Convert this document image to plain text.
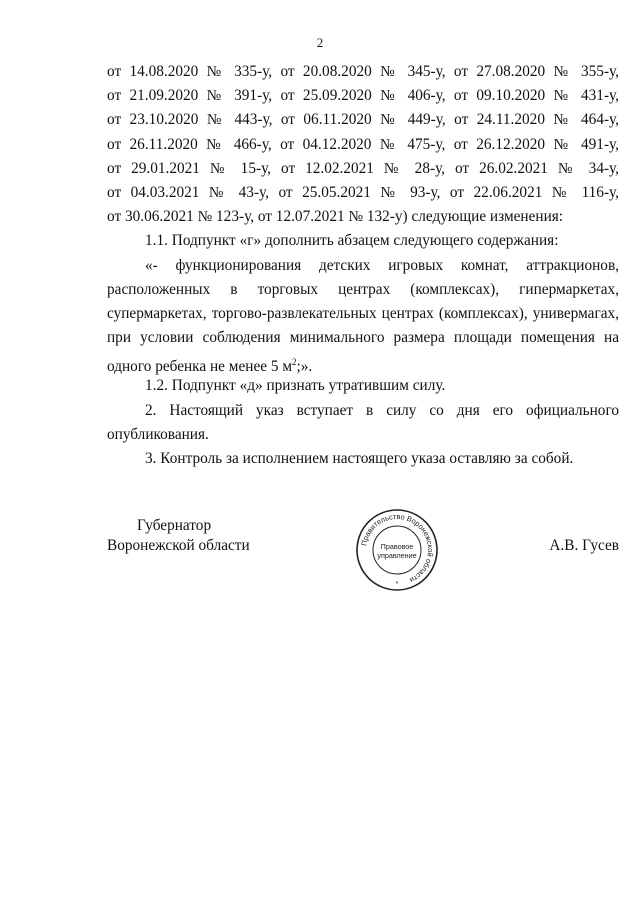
2
от 14.08.2020 № 335-у, от 20.08.2020 № 345-у, от 27.08.2020 № 355-у,
от 21.09.2020 № 391-у, от 25.09.2020 № 406-у, от 09.10.2020 № 431-у,
от 23.10.2020 № 443-у, от 06.11.2020 № 449-у, от 24.11.2020 № 464-у,
от 26.11.2020 № 466-у, от 04.12.2020 № 475-у, от 26.12.2020 № 491-у,
от 29.01.2021 № 15-у, от 12.02.2021 № 28-у, от 26.02.2021 № 34-у,
от 04.03.2021 № 43-у, от 25.05.2021 № 93-у, от 22.06.2021 № 116-у,
от 30.06.2021 № 123-у, от 12.07.2021 № 132-у) следующие изменения:
1.1. Подпункт «г» дополнить абзацем следующего содержания:
«- функционирования детских игровых комнат, аттракционов,
расположенных в торговых центрах (комплексах), гипермаркетах,
супермаркетах, торгово-развлекательных центрах (комплексах), универмагах,
при условии соблюдения минимального размера площади помещения на
одного ребенка не менее 5 $м^2$;».
1.2. Подпункт «д» признать утратившим силу.
2. Настоящий указ вступает в силу со дня его официального
опубликования.
3. Контроль за исполнением настоящего указа оставляю за собой.
Губернатор
Воронежской области	А.В. Гусев
Правительство Воронежской области
Правовое
управление
*
